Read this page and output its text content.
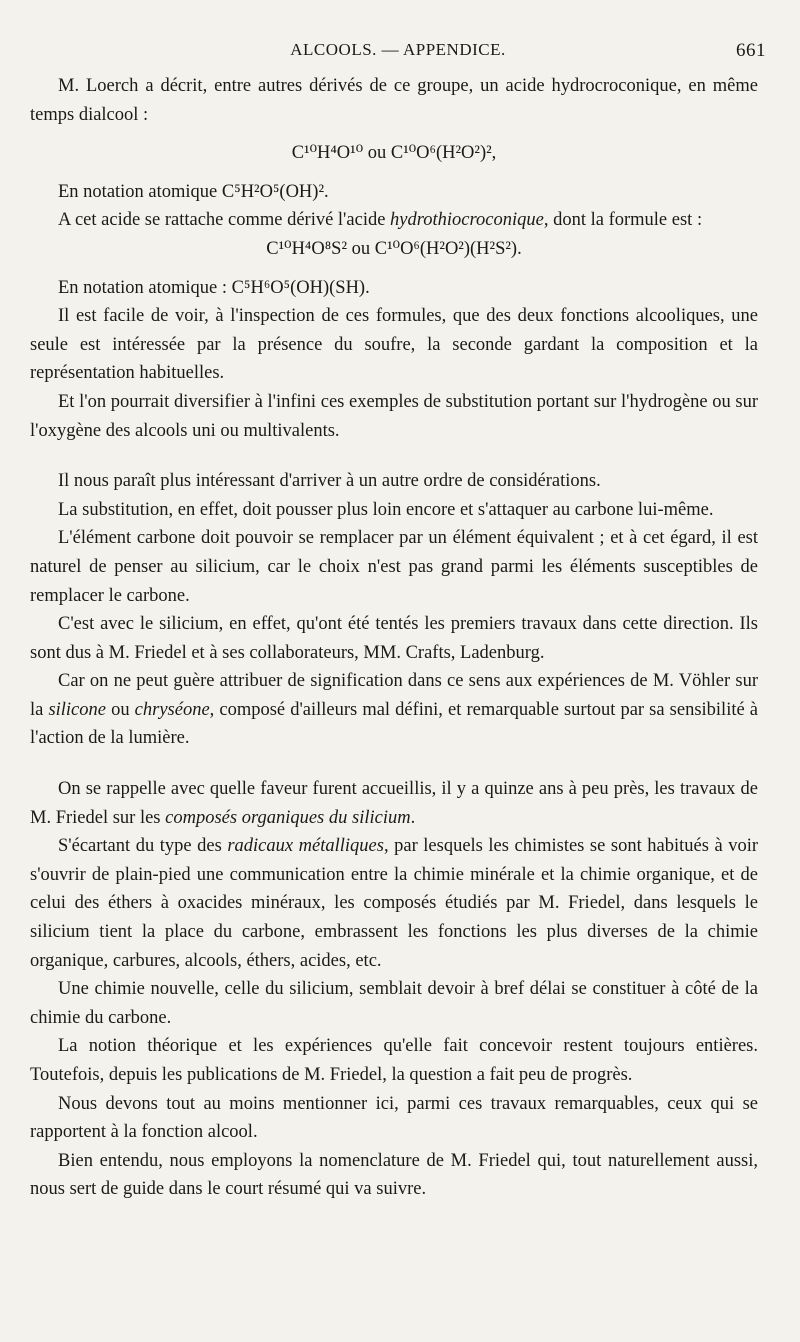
ALCOOLS. — APPENDICE.	661

M. Loerch a décrit, entre autres dérivés de ce groupe, un acide hydrocroconique, en même temps dialcool :

C¹⁰H⁴O¹⁰ ou C¹⁰O⁶(H²O²)²,

En notation atomique C⁵H²O⁵(OH)².

A cet acide se rattache comme dérivé l'acide hydrothiocroconique, dont la formule est :

C¹⁰H⁴O⁸S² ou C¹⁰O⁶(H²O²)(H²S²).

En notation atomique : C⁵H⁶O⁵(OH)(SH).

Il est facile de voir, à l'inspection de ces formules, que des deux fonctions alcooliques, une seule est intéressée par la présence du soufre, la seconde gardant la composition et la représentation habituelles.

Et l'on pourrait diversifier à l'infini ces exemples de substitution portant sur l'hydrogène ou sur l'oxygène des alcools uni ou multivalents.

Il nous paraît plus intéressant d'arriver à un autre ordre de considérations.

La substitution, en effet, doit pousser plus loin encore et s'attaquer au carbone lui-même.

L'élément carbone doit pouvoir se remplacer par un élément équivalent ; et à cet égard, il est naturel de penser au silicium, car le choix n'est pas grand parmi les éléments susceptibles de remplacer le carbone.

C'est avec le silicium, en effet, qu'ont été tentés les premiers travaux dans cette direction. Ils sont dus à M. Friedel et à ses collaborateurs, MM. Crafts, Ladenburg.

Car on ne peut guère attribuer de signification dans ce sens aux expériences de M. Vöhler sur la silicone ou chryséone, composé d'ailleurs mal défini, et remarquable surtout par sa sensibilité à l'action de la lumière.

On se rappelle avec quelle faveur furent accueillis, il y a quinze ans à peu près, les travaux de M. Friedel sur les composés organiques du silicium.

S'écartant du type des radicaux métalliques, par lesquels les chimistes se sont habitués à voir s'ouvrir de plain-pied une communication entre la chimie minérale et la chimie organique, et de celui des éthers à oxacides minéraux, les composés étudiés par M. Friedel, dans lesquels le silicium tient la place du carbone, embrassent les fonctions les plus diverses de la chimie organique, carbures, alcools, éthers, acides, etc.

Une chimie nouvelle, celle du silicium, semblait devoir à bref délai se constituer à côté de la chimie du carbone.

La notion théorique et les expériences qu'elle fait concevoir restent toujours entières. Toutefois, depuis les publications de M. Friedel, la question a fait peu de progrès.

Nous devons tout au moins mentionner ici, parmi ces travaux remarquables, ceux qui se rapportent à la fonction alcool.

Bien entendu, nous employons la nomenclature de M. Friedel qui, tout naturellement aussi, nous sert de guide dans le court résumé qui va suivre.
